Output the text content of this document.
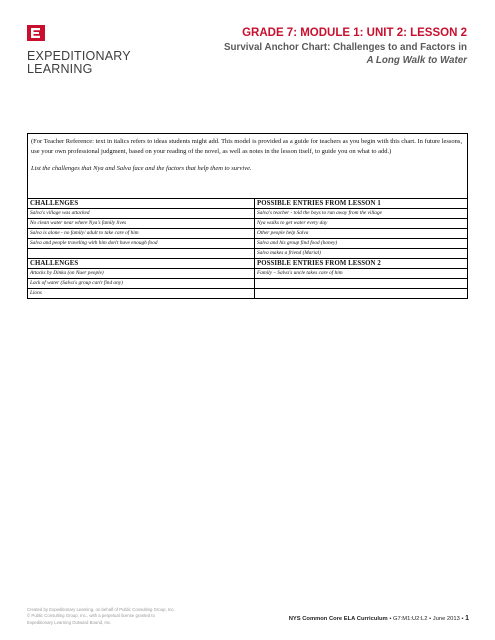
EXPEDITIONARY
LEARNING
GRADE 7: MODULE 1: UNIT 2: LESSON 2
Survival Anchor Chart: Challenges to and Factors in
A Long Walk to Water
(For Teacher Reference: text in italics refers to ideas students might add. This model is provided as a guide for teachers as you begin with this chart. In future lessons, use your own professional judgment, based on your reading of the novel, as well as notes in the lesson itself, to guide you on what to add.)
List the challenges that Nya and Salva face and the factors that help them to survive.
CHALLENGES	POSSIBLE ENTRIES FROM LESSON 1
Salva's village was attacked	Salva's teacher - told the boys to run away from the village
No clean water near where Nya's family lives	Nya walks to get water every day
Salva is alone - no family/ adult to take care of him	Other people help Salva
Salva and people traveling with him don't have enough food	Salva and his group find food (honey)
	Salva makes a friend (Marial)
CHALLENGES	POSSIBLE ENTRIES FROM LESSON 2
Attacks by Dinka (on Nuer people)	Family – Salva's uncle takes care of him
Lack of water (Salva's group can't find any)	
Lions	
Created by Expeditionary Learning, on behalf of Public Consulting Group, Inc.
© Public Consulting Group, Inc., with a perpetual license granted to
Expeditionary Learning Outward Bound, Inc.
NYS Common Core ELA Curriculum • G7:M1:U2:L2 • June 2013 • 1
